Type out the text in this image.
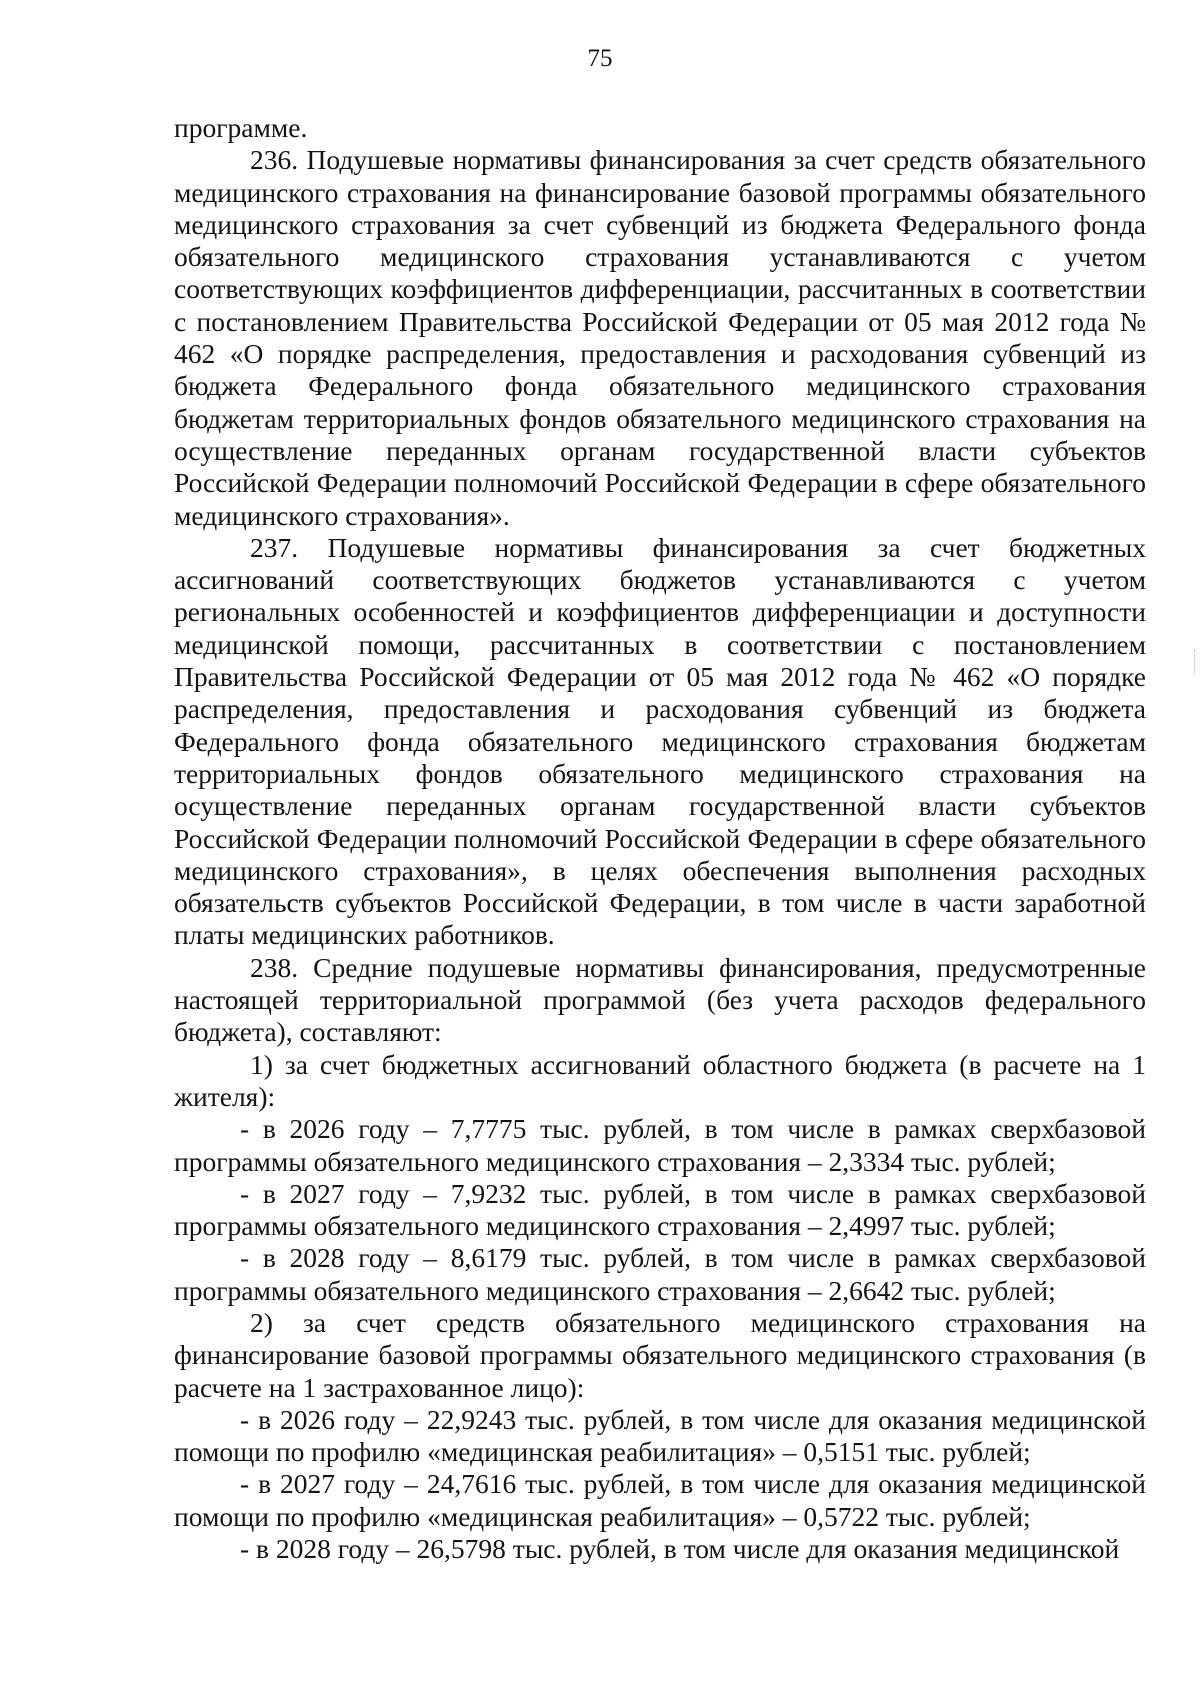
75

программе.

236. Подушевые нормативы финансирования за счет средств обязательного медицинского страхования на финансирование базовой программы обязательного медицинского страхования за счет субвенций из бюджета Федерального фонда обязательного медицинского страхования устанавливаются с учетом соответствующих коэффициентов дифференциации, рассчитанных в соответствии с постановлением Правительства Российской Федерации от 05 мая 2012 года № 462 «О порядке распределения, предоставления и расходования субвенций из бюджета Федерального фонда обязательного медицинского страхования бюджетам территориальных фондов обязательного медицинского страхования на осуществление переданных органам государственной власти субъектов Российской Федерации полномочий Российской Федерации в сфере обязательного медицинского страхования».

237. Подушевые нормативы финансирования за счет бюджетных ассигнований соответствующих бюджетов устанавливаются с учетом региональных особенностей и коэффициентов дифференциации и доступности медицинской помощи, рассчитанных в соответствии с постановлением Правительства Российской Федерации от 05 мая 2012 года № 462 «О порядке распределения, предоставления и расходования субвенций из бюджета Федерального фонда обязательного медицинского страхования бюджетам территориальных фондов обязательного медицинского страхования на осуществление переданных органам государственной власти субъектов Российской Федерации полномочий Российской Федерации в сфере обязательного медицинского страхования», в целях обеспечения выполнения расходных обязательств субъектов Российской Федерации, в том числе в части заработной платы медицинских работников.

238. Средние подушевые нормативы финансирования, предусмотренные настоящей территориальной программой (без учета расходов федерального бюджета), составляют:

1) за счет бюджетных ассигнований областного бюджета (в расчете на 1 жителя):

- в 2026 году – 7,7775 тыс. рублей, в том числе в рамках сверхбазовой программы обязательного медицинского страхования – 2,3334 тыс. рублей;

- в 2027 году – 7,9232 тыс. рублей, в том числе в рамках сверхбазовой программы обязательного медицинского страхования – 2,4997 тыс. рублей;

- в 2028 году – 8,6179 тыс. рублей, в том числе в рамках сверхбазовой программы обязательного медицинского страхования – 2,6642 тыс. рублей;

2) за счет средств обязательного медицинского страхования на финансирование базовой программы обязательного медицинского страхования (в расчете на 1 застрахованное лицо):

- в 2026 году – 22,9243 тыс. рублей, в том числе для оказания медицинской помощи по профилю «медицинская реабилитация» – 0,5151 тыс. рублей;

- в 2027 году – 24,7616 тыс. рублей, в том числе для оказания медицинской помощи по профилю «медицинская реабилитация» – 0,5722 тыс. рублей;

- в 2028 году – 26,5798 тыс. рублей, в том числе для оказания медицинской
